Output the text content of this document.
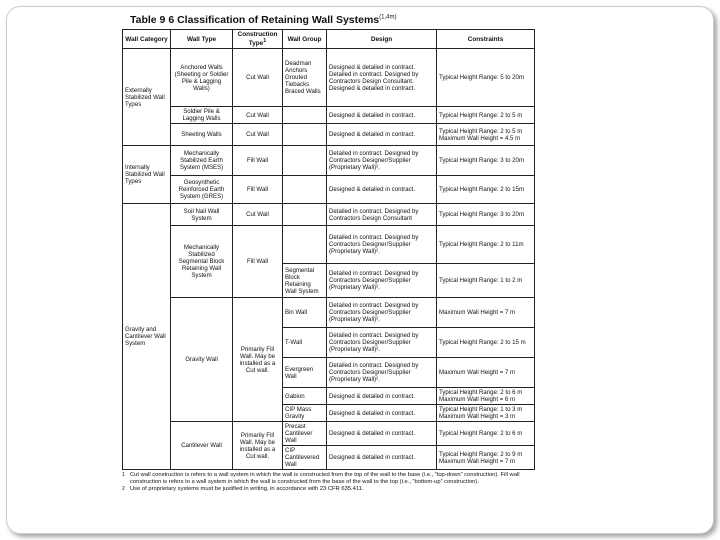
Table 9 6 Classification of Retaining Wall Systems$^{(1,4m)}$
Wall Category	Wall Type	Construction Type$^1$	Wall Group	Design	Constraints
Externally Stabilized Wall Types	Anchored Walls (Sheeting or Soldier Pile & Lagging Walls)	Cut Wall	Deadman Anchors Grouted Tiebacks Braced Walls	Designed & detailed in contract. Detailed in contract. Designed by Contractors Design Consultant. Designed & detailed in contract.	Typical Height Range: 5 to 20m
	Soldier Pile & Lagging Walls	Cut Wall		Designed & detailed in contract.	Typical Height Range: 2 to 5 m
	Sheeting Walls	Cut Wall		Designed & detailed in contract.	Typical Height Range: 2 to 5 m Maximum Wall Height = 4.5 m
Internally Stabilized Wall Types	Mechanically Stabilized Earth System (MSES)	Fill Wall		Detailed in contract. Designed by Contractors Designer/Supplier (Proprietary Wall)².	Typical Height Range: 3 to 20m
	Geosynthetic Reinforced Earth System (GRES)	Fill Wall		Designed & detailed in contract.	Typical Height Range: 2 to 15m
Gravity and Cantilever Wall System	Soil Nail Wall System	Cut Wall		Detailed in contract. Designed by Contractors Design Consultant	Typical Height Range: 3 to 20m
	Mechanically Stabilized Segmental Block Retaining Wall System	Fill Wall		Detailed in contract. Designed by Contractors Designer/Supplier (Proprietary Wall)².	Typical Height Range: 2 to 11m
			Segmental Block Retaining Wall System	Detailed in contract. Designed by Contractors Designer/Supplier (Proprietary Wall)².	Typical Height Range: 1 to 2 m
	Gravity Wall	Primarily Fill Wall. May be installed as a Cut wall.	Bin Wall	Detailed in contract. Designed by Contractors Designer/Supplier (Proprietary Wall)².	Maximum Wall Height = 7 m
			T-Wall	Detailed in contract. Designed by Contractors Designer/Supplier (Proprietary Wall)².	Typical Height Range: 2 to 15 m
			Evergreen Wall	Detailed in contract. Designed by Contractors Designer/Supplier (Proprietary Wall)².	Maximum Wall Height = 7 m
			Gabion	Designed & detailed in contract.	Typical Height Range: 2 to 6 m Maximum Wall Height = 6 m
			CIP Mass Gravity	Designed & detailed in contract.	Typical Height Range: 1 to 3 m Maximum Wall Height = 3 m
	Cantilever Wall	Primarily Fill Wall. May be installed as a Cut wall.	Precast Cantilever Wall	Designed & detailed in contract.	Typical Height Range: 2 to 6 m
			CIP Cantilevered Wall	Designed & detailed in contract.	Typical Height Range: 2 to 9 m Maximum Wall Height = 7 m
1 Cut wall construction is refers to a wall system in which the wall is constructed from the top of the wall to the base (i.e., “top-down” construction). Fill wall construction is refers to a wall system in which the wall is constructed from the base of the wall to the top (i.e., “bottom-up” construction).
2 Use of proprietary systems must be justified in writing, in accordance with 23 CFR 635.411.
